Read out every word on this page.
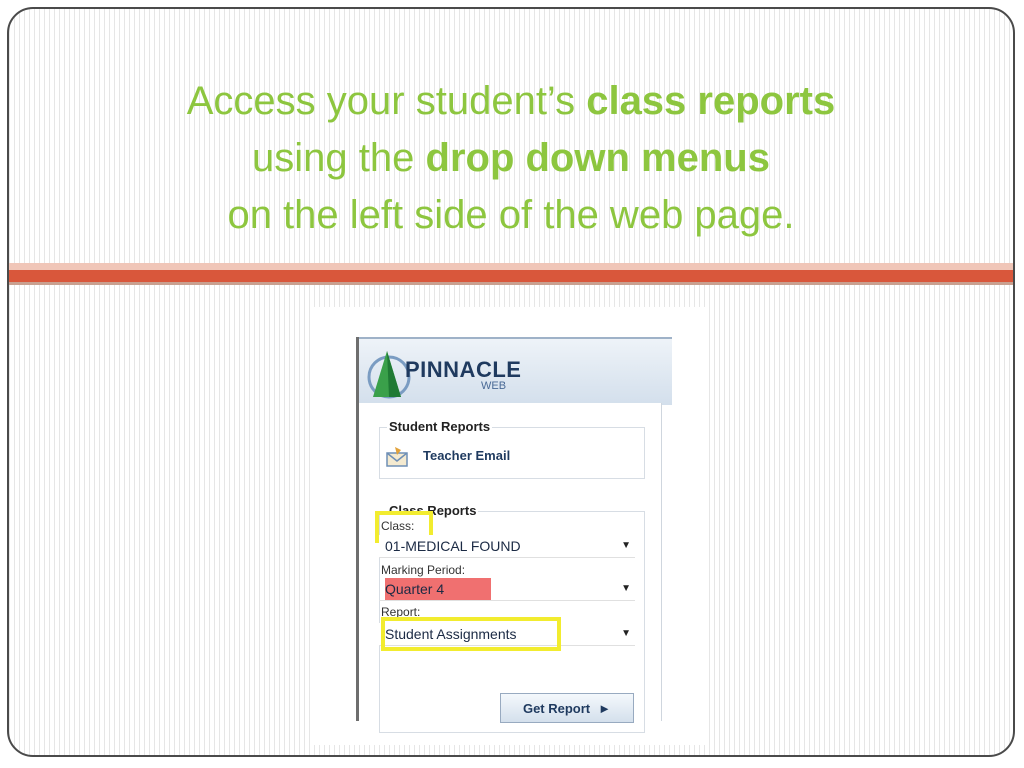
Access your student’s class reports
using the drop down menus
on the left side of the web page.
PINNACLE
WEB
Student Reports
Teacher Email
Class Reports
Class:
01-MEDICAL FOUND	▼
Marking Period:
Quarter 4	▼
Report:
Student Assignments	▼
Get Report ►
